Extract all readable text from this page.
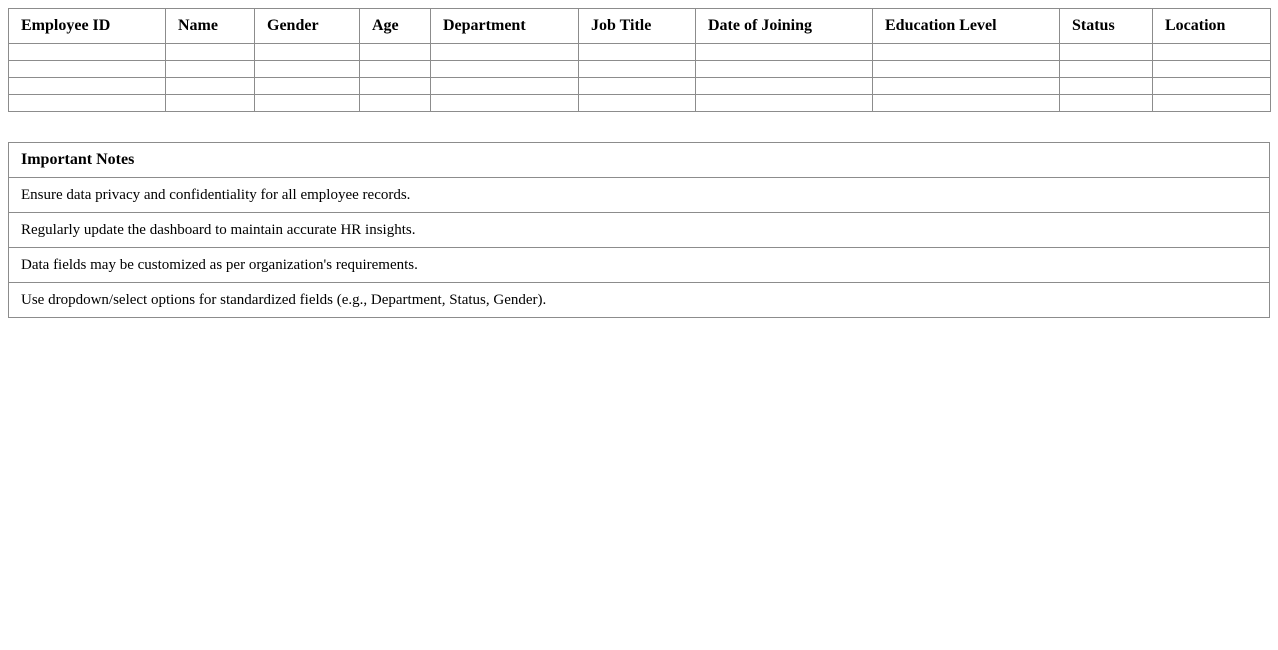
Employee ID	Name	Gender	Age	Department	Job Title	Date of Joining	Education Level	Status	Location

Important Notes
Ensure data privacy and confidentiality for all employee records.
Regularly update the dashboard to maintain accurate HR insights.
Data fields may be customized as per organization's requirements.
Use dropdown/select options for standardized fields (e.g., Department, Status, Gender).
